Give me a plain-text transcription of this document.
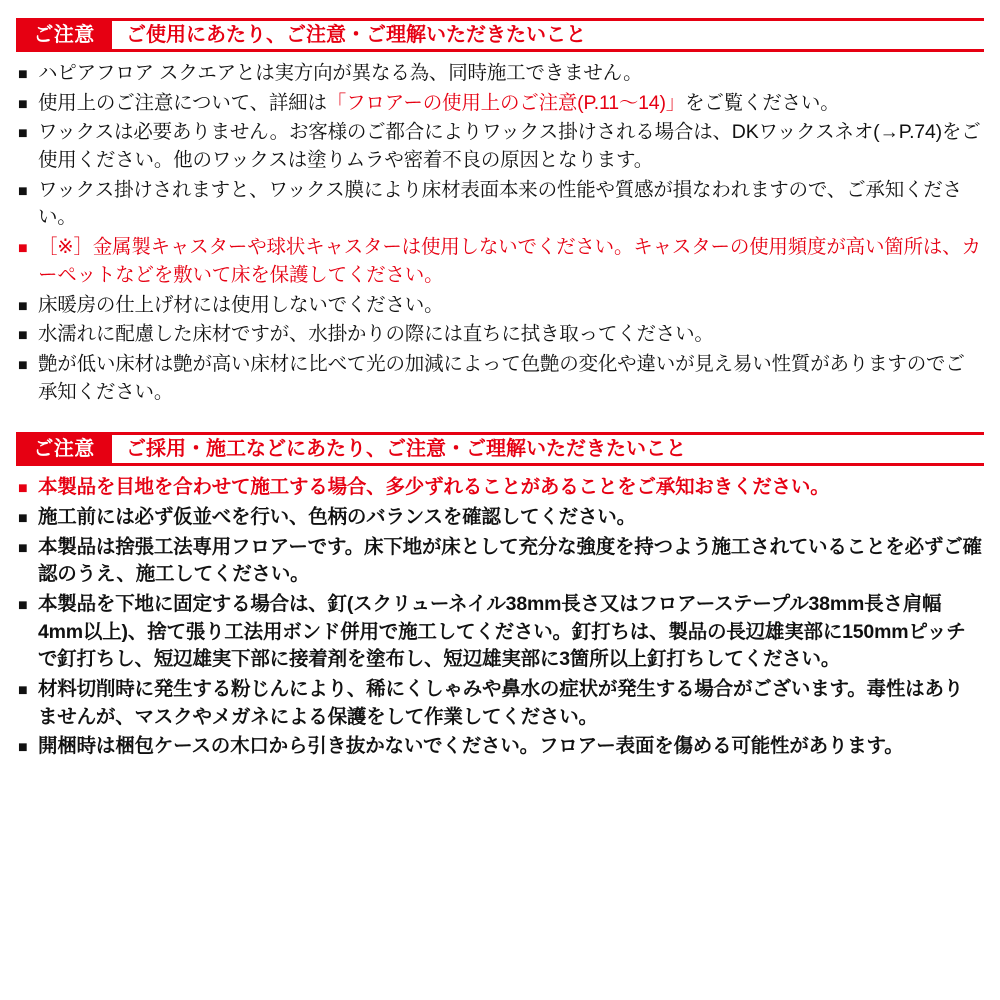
ご注意	ご使用にあたり、ご注意・ご理解いただきたいこと
■ ハピアフロア スクエアとは実方向が異なる為、同時施工できません。
■ 使用上のご注意について、詳細は「フロアーの使用上のご注意(P.11〜14)」をご覧ください。
■ ワックスは必要ありません。お客様のご都合によりワックス掛けされる場合は、DKワックスネオ(→P.74)をご使用ください。他のワックスは塗りムラや密着不良の原因となります。
■ ワックス掛けされますと、ワックス膜により床材表面本来の性能や質感が損なわれますので、ご承知ください。
■ ［※］金属製キャスターや球状キャスターは使用しないでください。キャスターの使用頻度が高い箇所は、カーペットなどを敷いて床を保護してください。
■ 床暖房の仕上げ材には使用しないでください。
■ 水濡れに配慮した床材ですが、水掛かりの際には直ちに拭き取ってください。
■ 艶が低い床材は艶が高い床材に比べて光の加減によって色艶の変化や違いが見え易い性質がありますのでご承知ください。
ご注意	ご採用・施工などにあたり、ご注意・ご理解いただきたいこと
■ 本製品を目地を合わせて施工する場合、多少ずれることがあることをご承知おきください。
■ 施工前には必ず仮並べを行い、色柄のバランスを確認してください。
■ 本製品は捨張工法専用フロアーです。床下地が床として充分な強度を持つよう施工されていることを必ずご確認のうえ、施工してください。
■ 本製品を下地に固定する場合は、釘(スクリューネイル38mm長さ又はフロアーステープル38mm長さ肩幅4mm以上)、捨て張り工法用ボンド併用で施工してください。釘打ちは、製品の長辺雄実部に150mmピッチで釘打ちし、短辺雄実下部に接着剤を塗布し、短辺雄実部に3箇所以上釘打ちしてください。
■ 材料切削時に発生する粉じんにより、稀にくしゃみや鼻水の症状が発生する場合がございます。毒性はありませんが、マスクやメガネによる保護をして作業してください。
■ 開梱時は梱包ケースの木口から引き抜かないでください。フロアー表面を傷める可能性があります。
